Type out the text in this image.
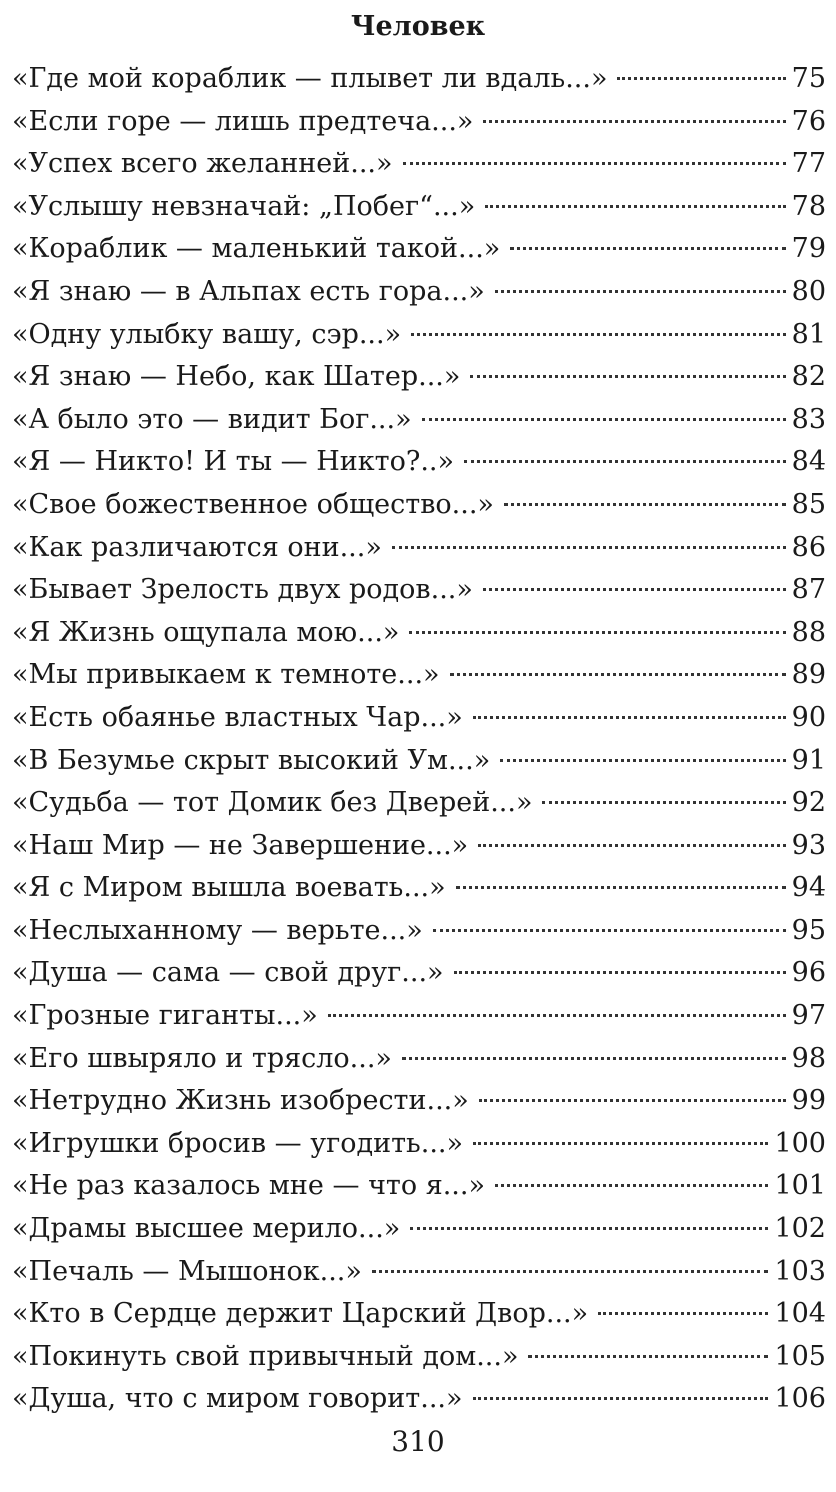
Человек
«Где мой кораблик — плывет ли вдаль...»	75
«Если горе — лишь предтеча...»	76
«Успех всего желанней...»	77
«Услышу невзначай: „Побег“...»	78
«Кораблик — маленький такой...»	79
«Я знаю — в Альпах есть гора...»	80
«Одну улыбку вашу, сэр...»	81
«Я знаю — Небо, как Шатер...»	82
«А было это — видит Бог...»	83
«Я — Никто! И ты — Никто?..»	84
«Свое божественное общество...»	85
«Как различаются они...»	86
«Бывает Зрелость двух родов...»	87
«Я Жизнь ощупала мою...»	88
«Мы привыкаем к темноте...»	89
«Есть обаянье властных Чар...»	90
«В Безумье скрыт высокий Ум...»	91
«Судьба — тот Домик без Дверей...»	92
«Наш Мир — не Завершение...»	93
«Я с Миром вышла воевать...»	94
«Неслыханному — верьте...»	95
«Душа — сама — свой друг...»	96
«Грозные гиганты...»	97
«Его швыряло и трясло...»	98
«Нетрудно Жизнь изобрести...»	99
«Игрушки бросив — угодить...»	100
«Не раз казалось мне — что я...»	101
«Драмы высшее мерило...»	102
«Печаль — Мышонок...»	103
«Кто в Сердце держит Царский Двор...»	104
«Покинуть свой привычный дом...»	105
«Душа, что с миром говорит...»	106
310
